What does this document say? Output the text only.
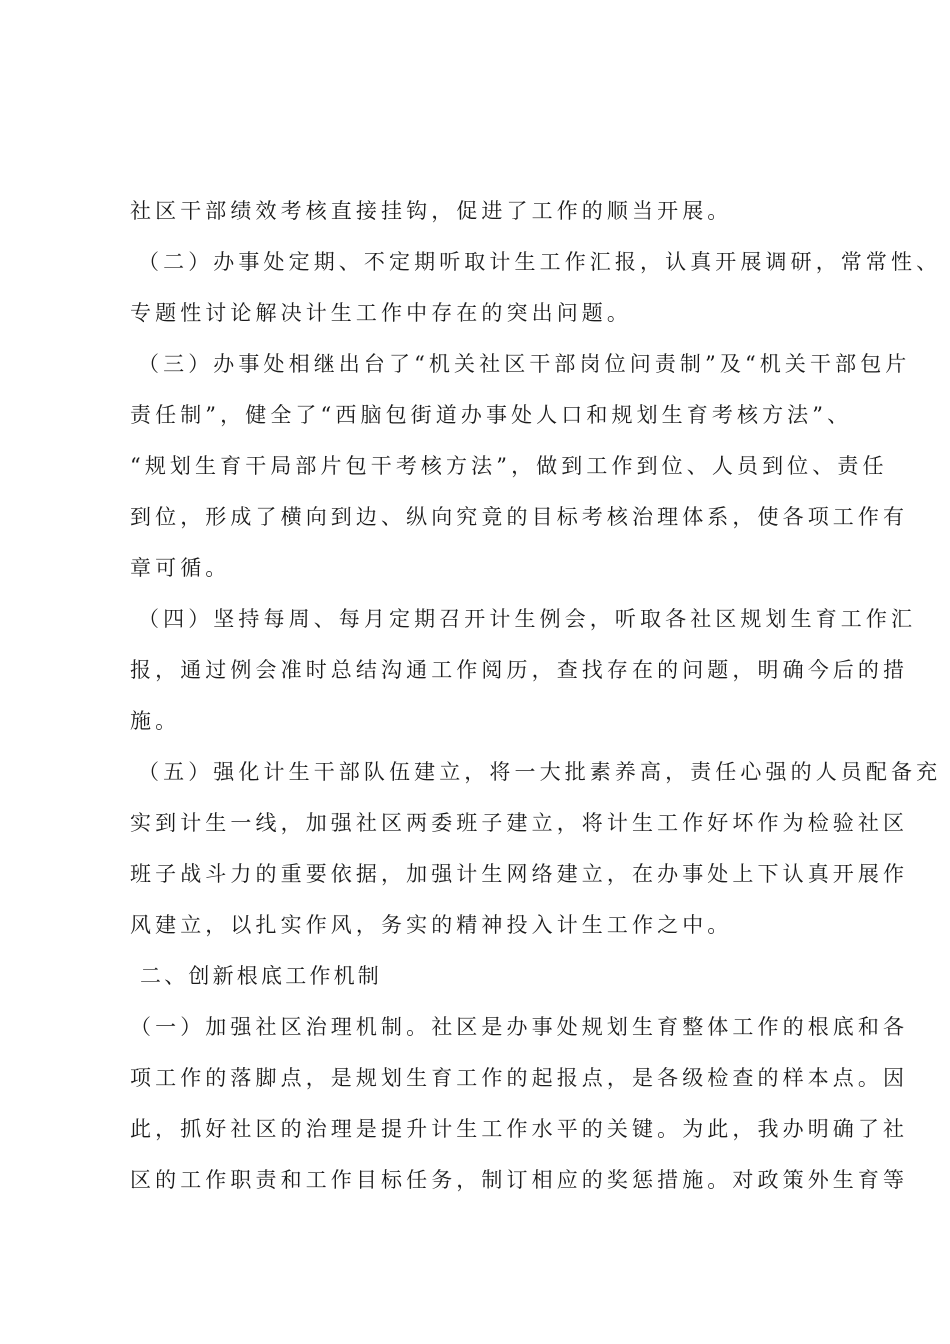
社区干部绩效考核直接挂钩，促进了工作的顺当开展。
（二）办事处定期、不定期听取计生工作汇报，认真开展调研，常常性、
专题性讨论解决计生工作中存在的突出问题。
（三）办事处相继出台了“机关社区干部岗位问责制”及“机关干部包片
责任制”，健全了“西脑包街道办事处人口和规划生育考核方法”、
“规划生育干局部片包干考核方法”，做到工作到位、人员到位、责任
到位，形成了横向到边、纵向究竟的目标考核治理体系，使各项工作有
章可循。
（四）坚持每周、每月定期召开计生例会，听取各社区规划生育工作汇
报，通过例会准时总结沟通工作阅历，查找存在的问题，明确今后的措
施。
（五）强化计生干部队伍建立，将一大批素养高，责任心强的人员配备充
实到计生一线，加强社区两委班子建立，将计生工作好坏作为检验社区
班子战斗力的重要依据，加强计生网络建立，在办事处上下认真开展作
风建立，以扎实作风，务实的精神投入计生工作之中。
二、创新根底工作机制
（一）加强社区治理机制。社区是办事处规划生育整体工作的根底和各
项工作的落脚点，是规划生育工作的起报点，是各级检查的样本点。因
此，抓好社区的治理是提升计生工作水平的关键。为此，我办明确了社
区的工作职责和工作目标任务，制订相应的奖惩措施。对政策外生育等
